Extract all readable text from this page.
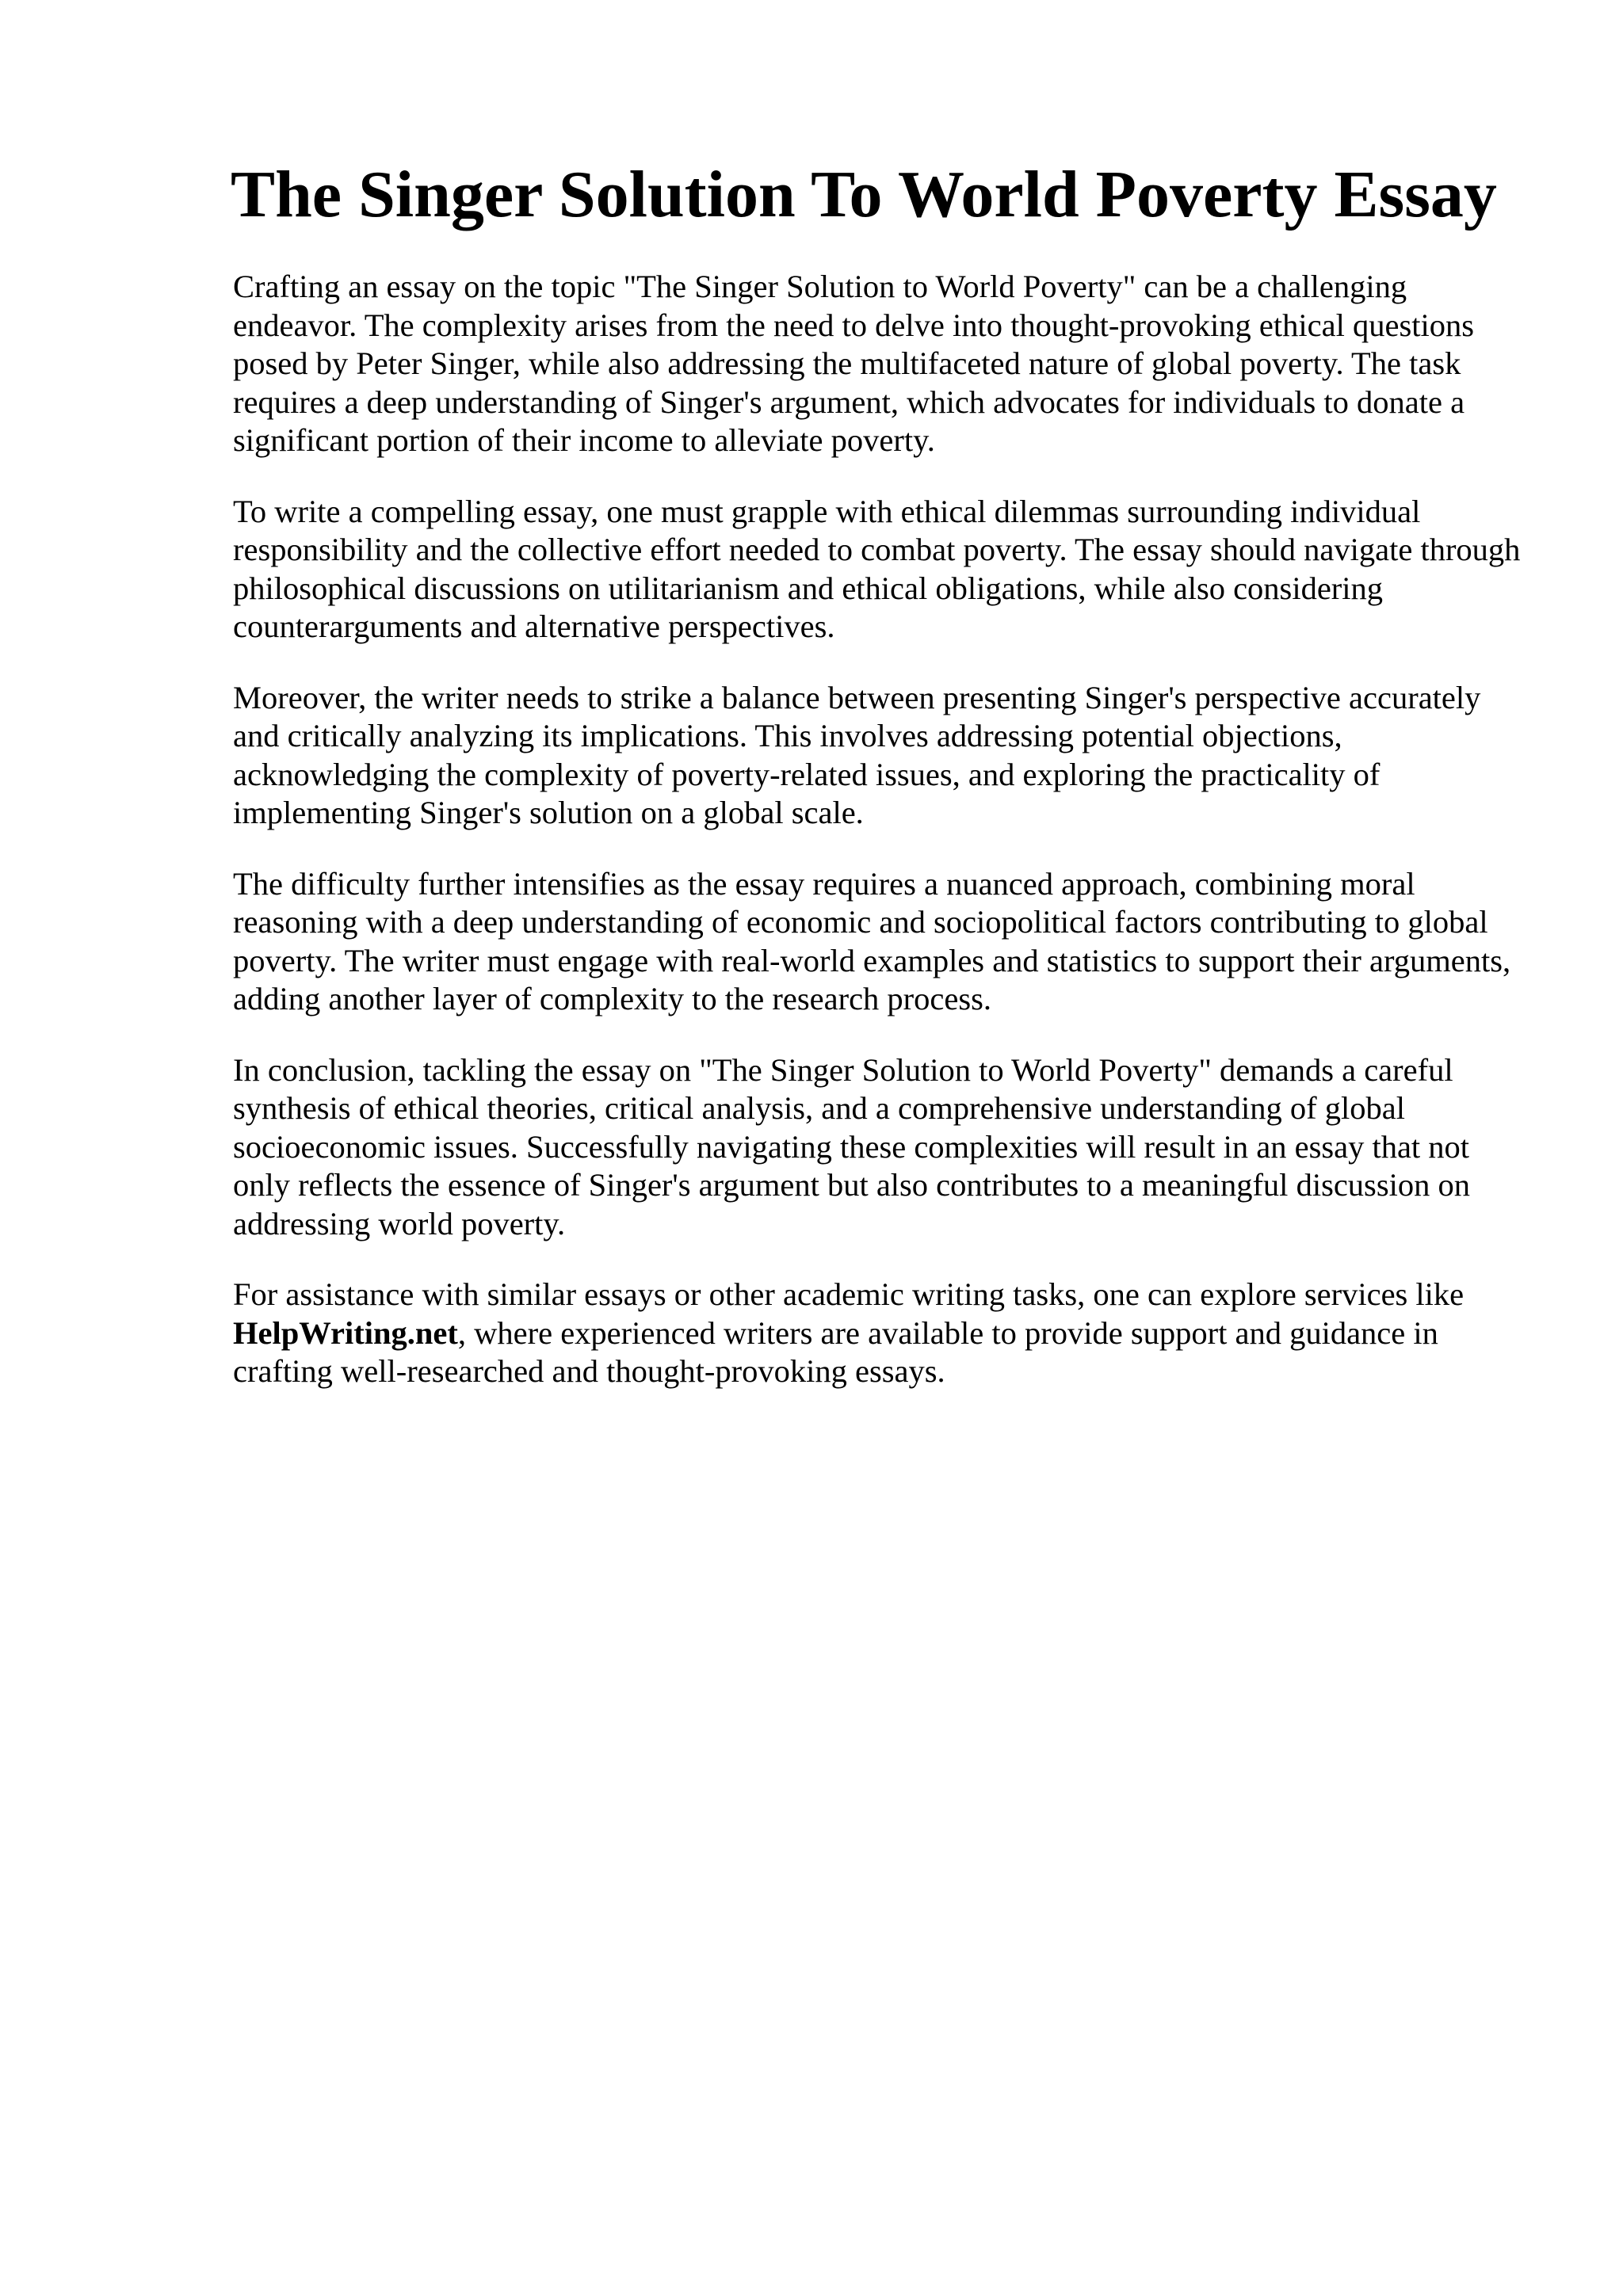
The Singer Solution To World Poverty Essay

Crafting an essay on the topic "The Singer Solution to World Poverty" can be a challenging endeavor. The complexity arises from the need to delve into thought-provoking ethical questions posed by Peter Singer, while also addressing the multifaceted nature of global poverty. The task requires a deep understanding of Singer's argument, which advocates for individuals to donate a significant portion of their income to alleviate poverty.

To write a compelling essay, one must grapple with ethical dilemmas surrounding individual responsibility and the collective effort needed to combat poverty. The essay should navigate through philosophical discussions on utilitarianism and ethical obligations, while also considering counterarguments and alternative perspectives.

Moreover, the writer needs to strike a balance between presenting Singer's perspective accurately and critically analyzing its implications. This involves addressing potential objections, acknowledging the complexity of poverty-related issues, and exploring the practicality of implementing Singer's solution on a global scale.

The difficulty further intensifies as the essay requires a nuanced approach, combining moral reasoning with a deep understanding of economic and sociopolitical factors contributing to global poverty. The writer must engage with real-world examples and statistics to support their arguments, adding another layer of complexity to the research process.

In conclusion, tackling the essay on "The Singer Solution to World Poverty" demands a careful synthesis of ethical theories, critical analysis, and a comprehensive understanding of global socioeconomic issues. Successfully navigating these complexities will result in an essay that not only reflects the essence of Singer's argument but also contributes to a meaningful discussion on addressing world poverty.

For assistance with similar essays or other academic writing tasks, one can explore services like HelpWriting.net, where experienced writers are available to provide support and guidance in crafting well-researched and thought-provoking essays.
